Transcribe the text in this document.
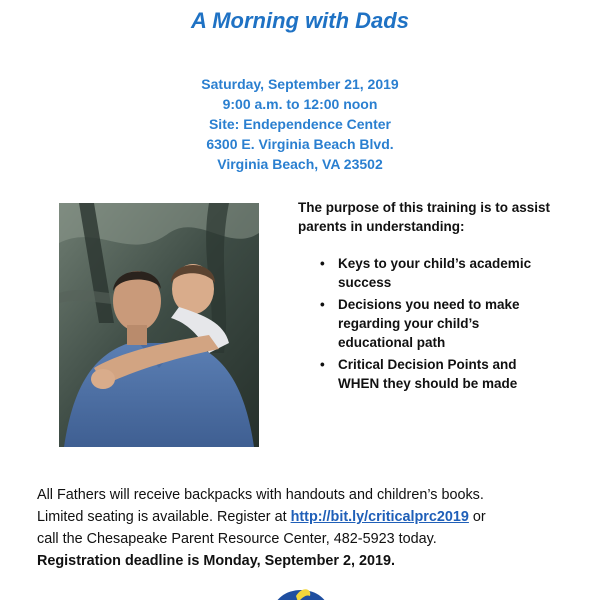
A Morning with Dads
Saturday, September 21, 2019
9:00 a.m. to 12:00 noon
Site: Endependence Center
6300 E. Virginia Beach Blvd.
Virginia Beach, VA 23502

The purpose of this training is to assist parents in understanding:

• Keys to your child’s academic success
• Decisions you need to make regarding your child’s educational path
• Critical Decision Points and WHEN they should be made

All Fathers will receive backpacks with handouts and children’s books.

Limited seating is available. Register at http://bit.ly/criticalprc2019 or

call the Chesapeake Parent Resource Center, 482-5923 today.

Registration deadline is Monday, September 2, 2019.
